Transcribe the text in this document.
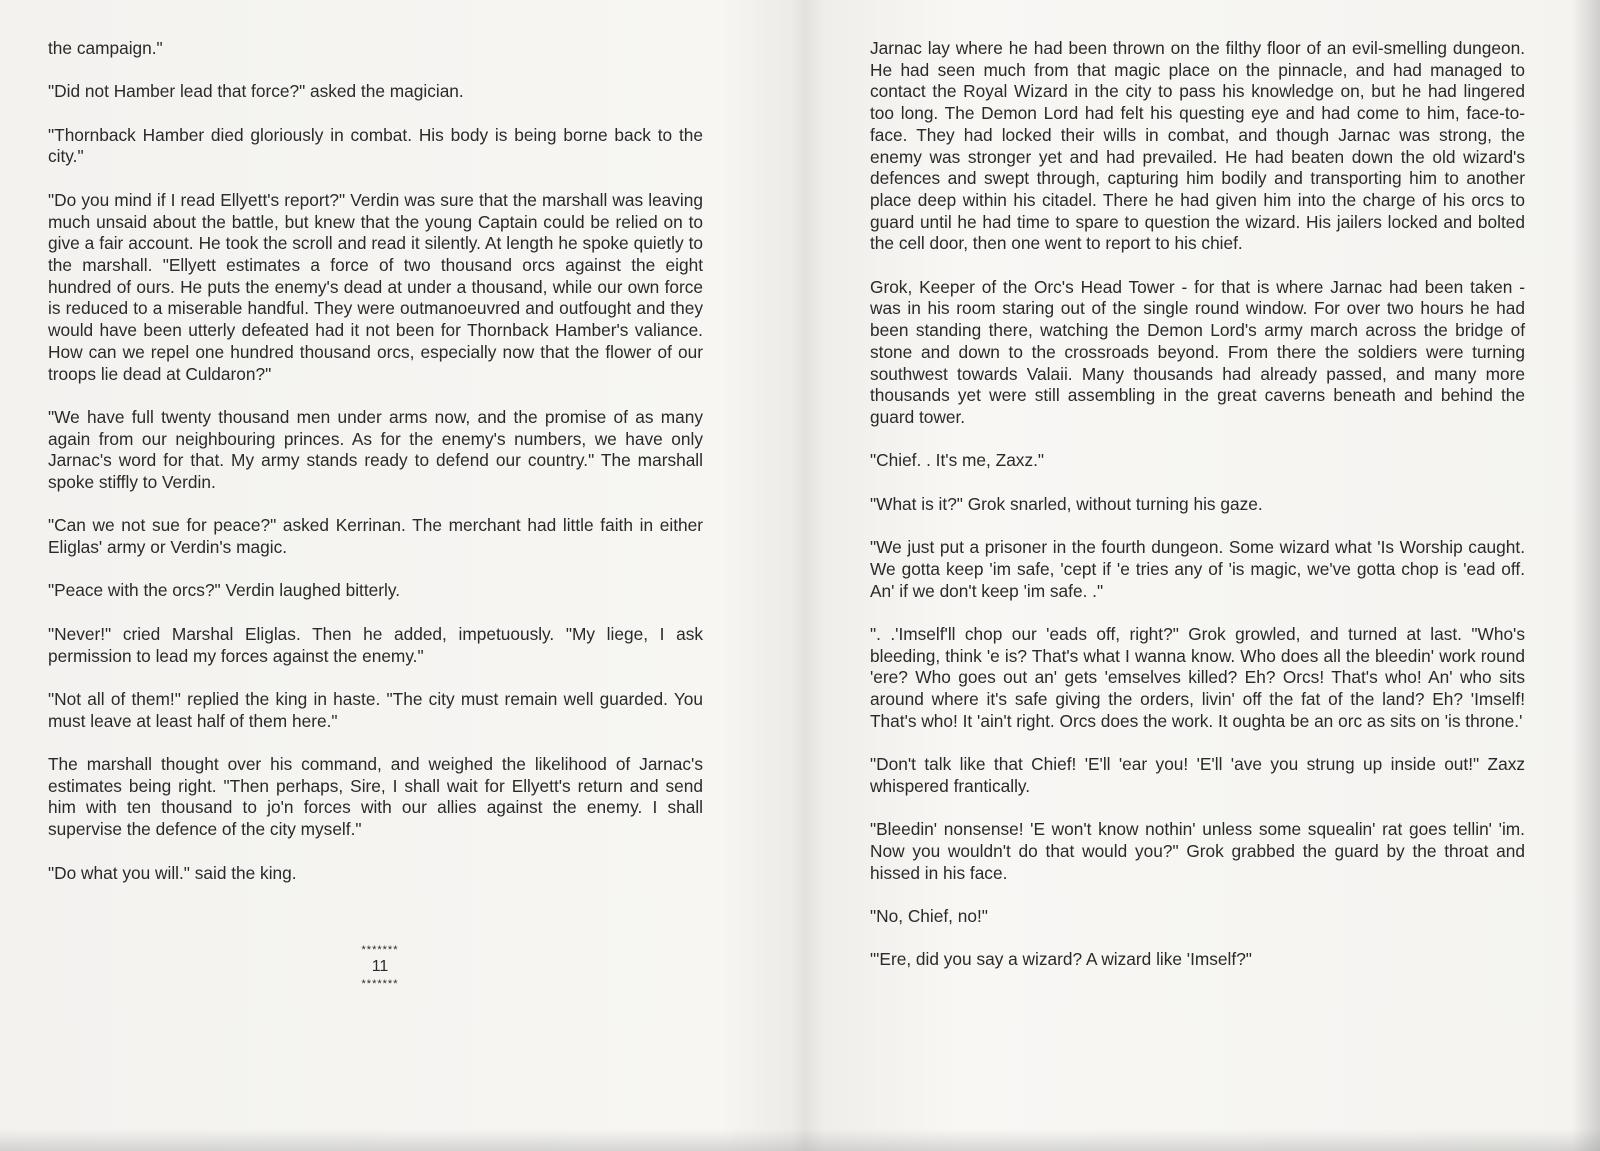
the campaign."

"Did not Hamber lead that force?" asked the magician.

"Thornback Hamber died gloriously in combat. His body is being borne back to the city."

"Do you mind if I read Ellyett's report?" Verdin was sure that the marshall was leaving much unsaid about the battle, but knew that the young Captain could be relied on to give a fair account. He took the scroll and read it silently. At length he spoke quietly to the marshall. "Ellyett estimates a force of two thousand orcs against the eight hundred of ours. He puts the enemy's dead at under a thousand, while our own force is reduced to a miserable handful. They were outmanoeuvred and outfought and they would have been utterly defeated had it not been for Thornback Hamber's valiance. How can we repel one hundred thousand orcs, especially now that the flower of our troops lie dead at Culdaron?"

"We have full twenty thousand men under arms now, and the promise of as many again from our neighbouring princes. As for the enemy's numbers, we have only Jarnac's word for that. My army stands ready to defend our country." The marshall spoke stiffly to Verdin.

"Can we not sue for peace?" asked Kerrinan. The merchant had little faith in either Eliglas' army or Verdin's magic.

"Peace with the orcs?" Verdin laughed bitterly.

"Never!" cried Marshal Eliglas. Then he added, impetuously. "My liege, I ask permission to lead my forces against the enemy."

"Not all of them!" replied the king in haste. "The city must remain well guarded. You must leave at least half of them here."

The marshall thought over his command, and weighed the likelihood of Jarnac's estimates being right. "Then perhaps, Sire, I shall wait for Ellyett's return and send him with ten thousand to jo'n forces with our allies against the enemy. I shall supervise the defence of the city myself."

"Do what you will." said the king.

*******
11
*******

Jarnac lay where he had been thrown on the filthy floor of an evil-smelling dungeon. He had seen much from that magic place on the pinnacle, and had managed to contact the Royal Wizard in the city to pass his knowledge on, but he had lingered too long. The Demon Lord had felt his questing eye and had come to him, face-to-face. They had locked their wills in combat, and though Jarnac was strong, the enemy was stronger yet and had prevailed. He had beaten down the old wizard's defences and swept through, capturing him bodily and transporting him to another place deep within his citadel. There he had given him into the charge of his orcs to guard until he had time to spare to question the wizard. His jailers locked and bolted the cell door, then one went to report to his chief.

Grok, Keeper of the Orc's Head Tower - for that is where Jarnac had been taken - was in his room staring out of the single round window. For over two hours he had been standing there, watching the Demon Lord's army march across the bridge of stone and down to the crossroads beyond. From there the soldiers were turning southwest towards Valaii. Many thousands had already passed, and many more thousands yet were still assembling in the great caverns beneath and behind the guard tower.

"Chief. . It's me, Zaxz."

"What is it?" Grok snarled, without turning his gaze.

"We just put a prisoner in the fourth dungeon. Some wizard what 'Is Worship caught. We gotta keep 'im safe, 'cept if 'e tries any of 'is magic, we've gotta chop is 'ead off. An' if we don't keep 'im safe. ."

". .'Imself'll chop our 'eads off, right?" Grok growled, and turned at last. "Who's bleeding, think 'e is? That's what I wanna know. Who does all the bleedin' work round 'ere? Who goes out an' gets 'emselves killed? Eh? Orcs! That's who! An' who sits around where it's safe giving the orders, livin' off the fat of the land? Eh? 'Imself! That's who! It 'ain't right. Orcs does the work. It oughta be an orc as sits on 'is throne.'

"Don't talk like that Chief! 'E'll 'ear you! 'E'll 'ave you strung up inside out!" Zaxz whispered frantically.

"Bleedin' nonsense! 'E won't know nothin' unless some squealin' rat goes tellin' 'im. Now you wouldn't do that would you?" Grok grabbed the guard by the throat and hissed in his face.

"No, Chief, no!"

"'Ere, did you say a wizard? A wizard like 'Imself?"
